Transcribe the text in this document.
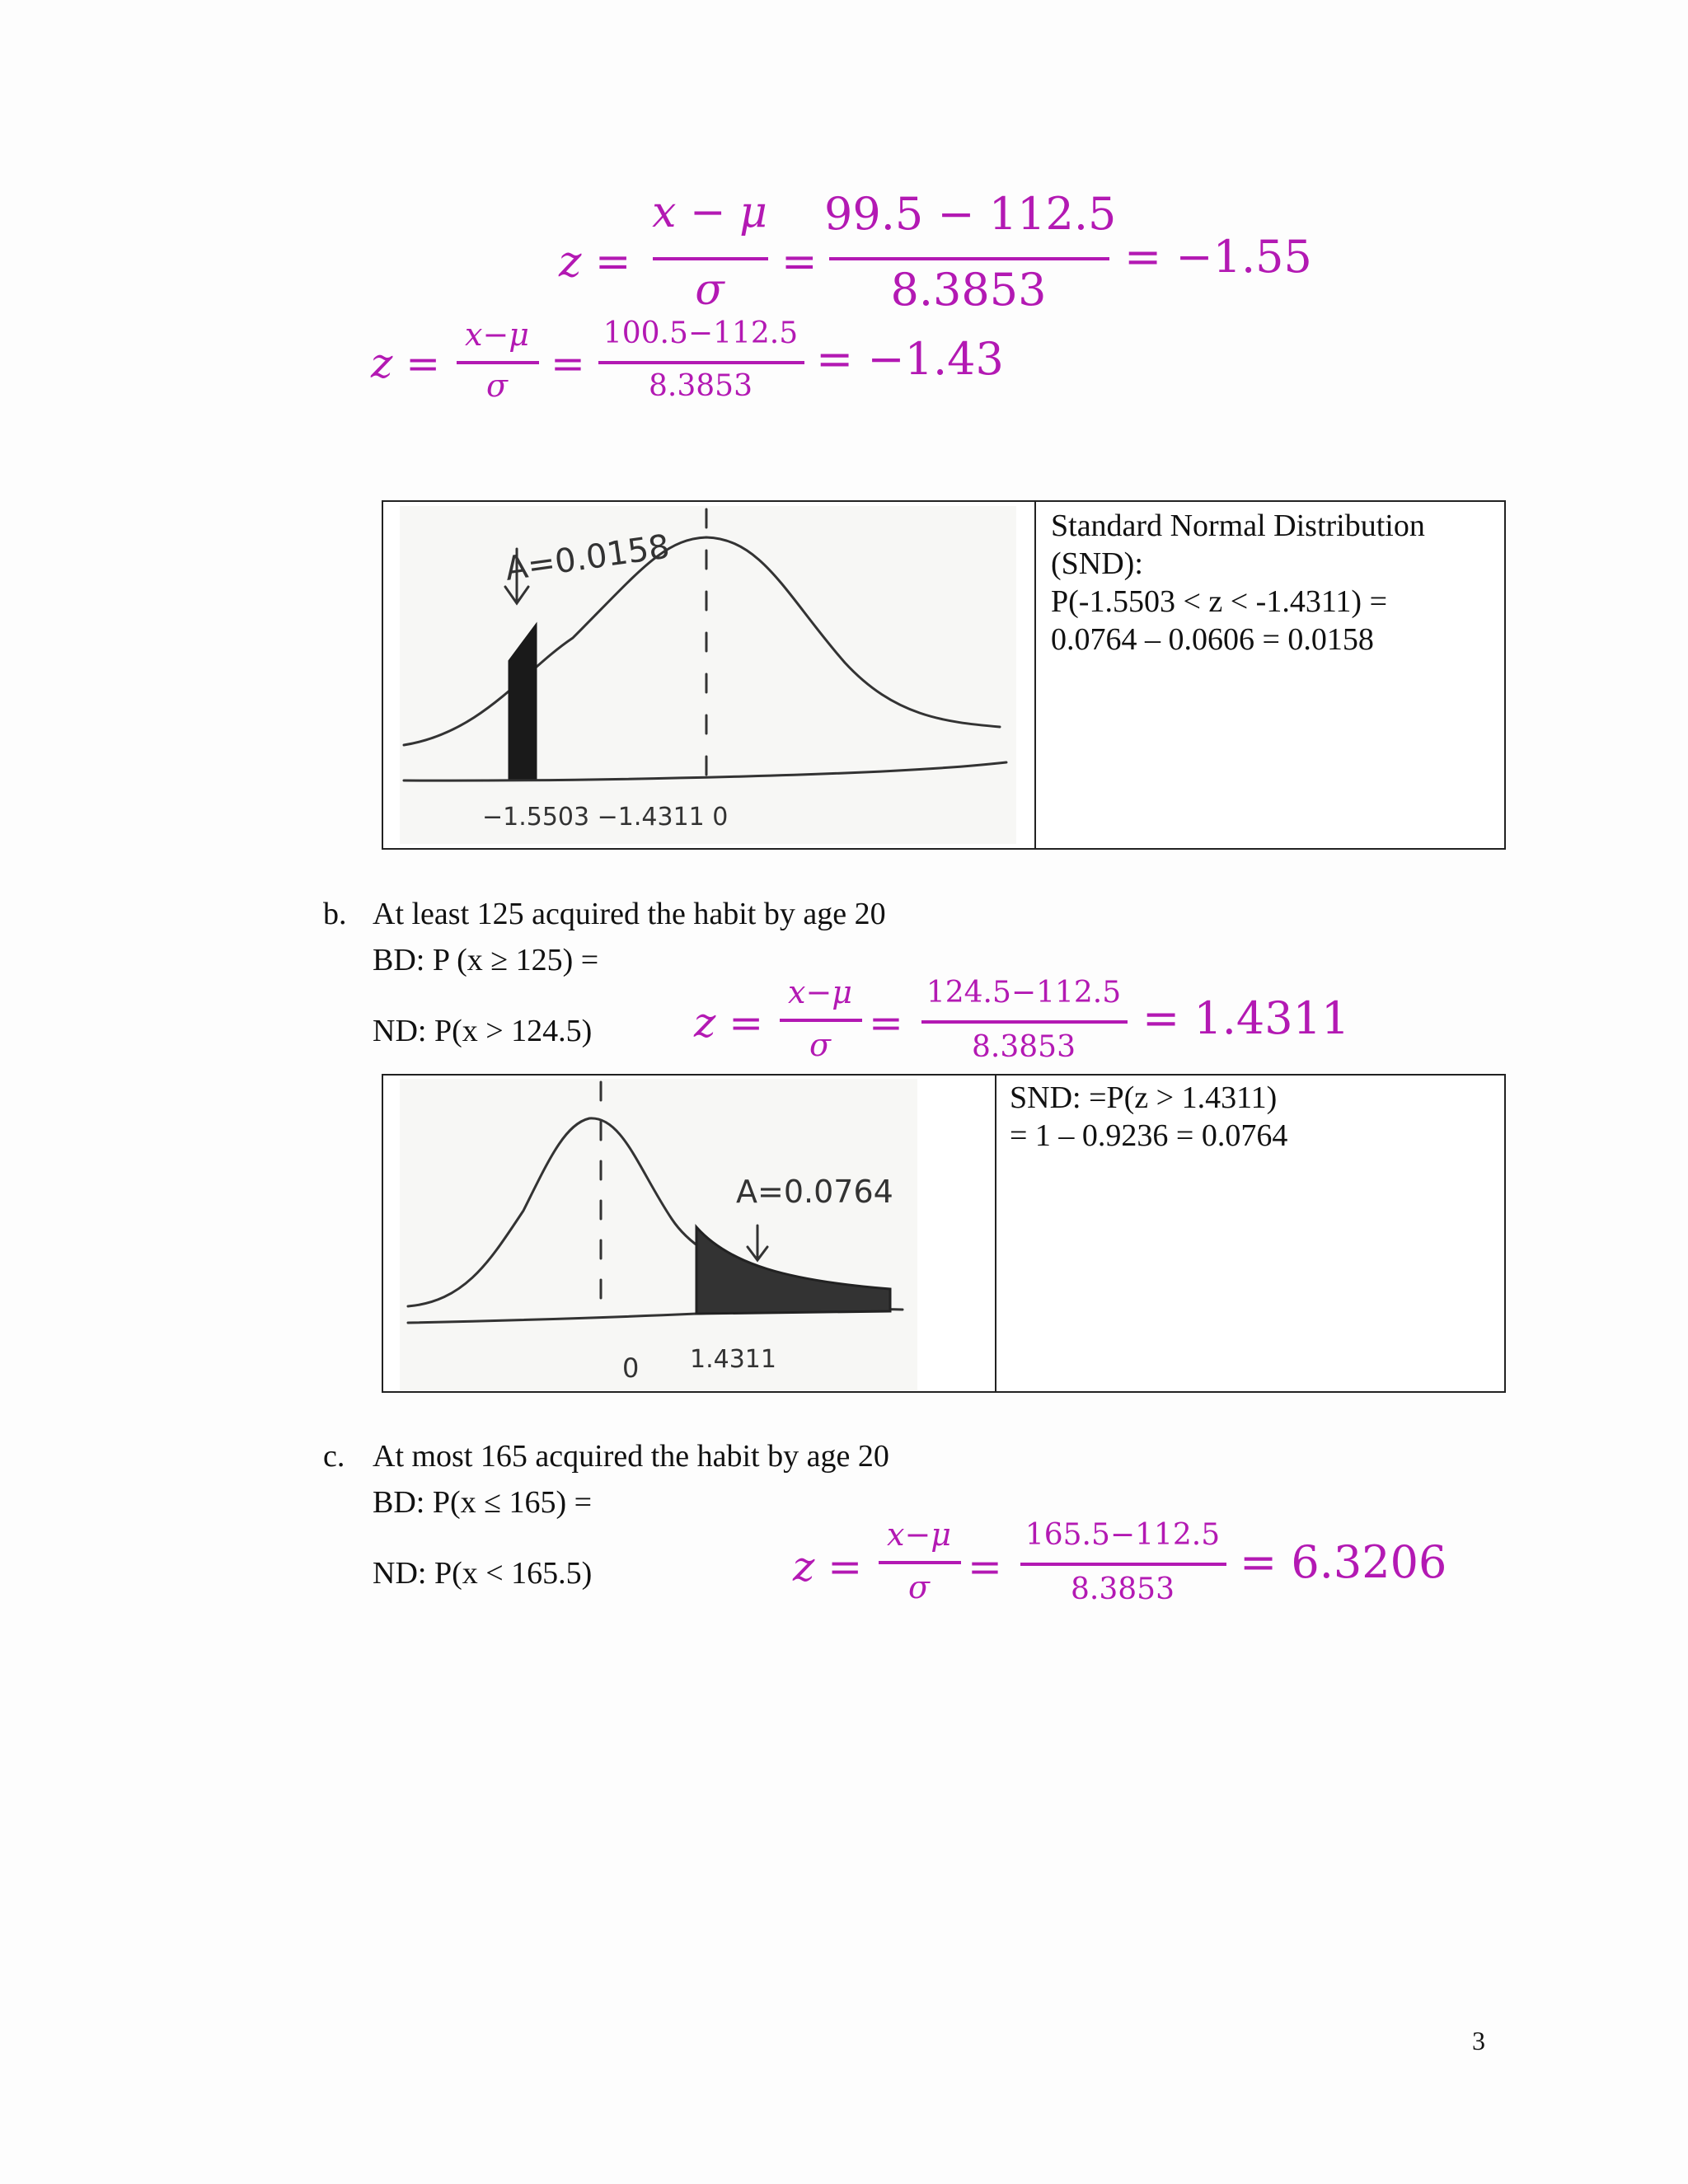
z =
x − μ
σ
=
99.5 − 112.5
8.3853
= −1.55
z =
x−μ
σ	=
100.5−112.5
8.3853
= −1.43
A=0.0158
−1.5503 −1.4311 0
Standard Normal Distribution
(SND):
P(-1.5503 < z < -1.4311) =
0.0764 – 0.0606 = 0.0158
b. At least 125 acquired the habit by age 20
BD: P (x ≥ 125) =
ND: P(x > 124.5) z =
x−μ
σ =
124.5−112.5
8.3853
= 1.4311
A=0.0764
0 1.4311
SND: =P(z > 1.4311)
= 1 – 0.9236 = 0.0764
c. At most 165 acquired the habit by age 20
BD: P(x ≤ 165) =
ND: P(x < 165.5)	z =
x−μ
σ =
165.5−112.5
8.3853
= 6.3206
3
